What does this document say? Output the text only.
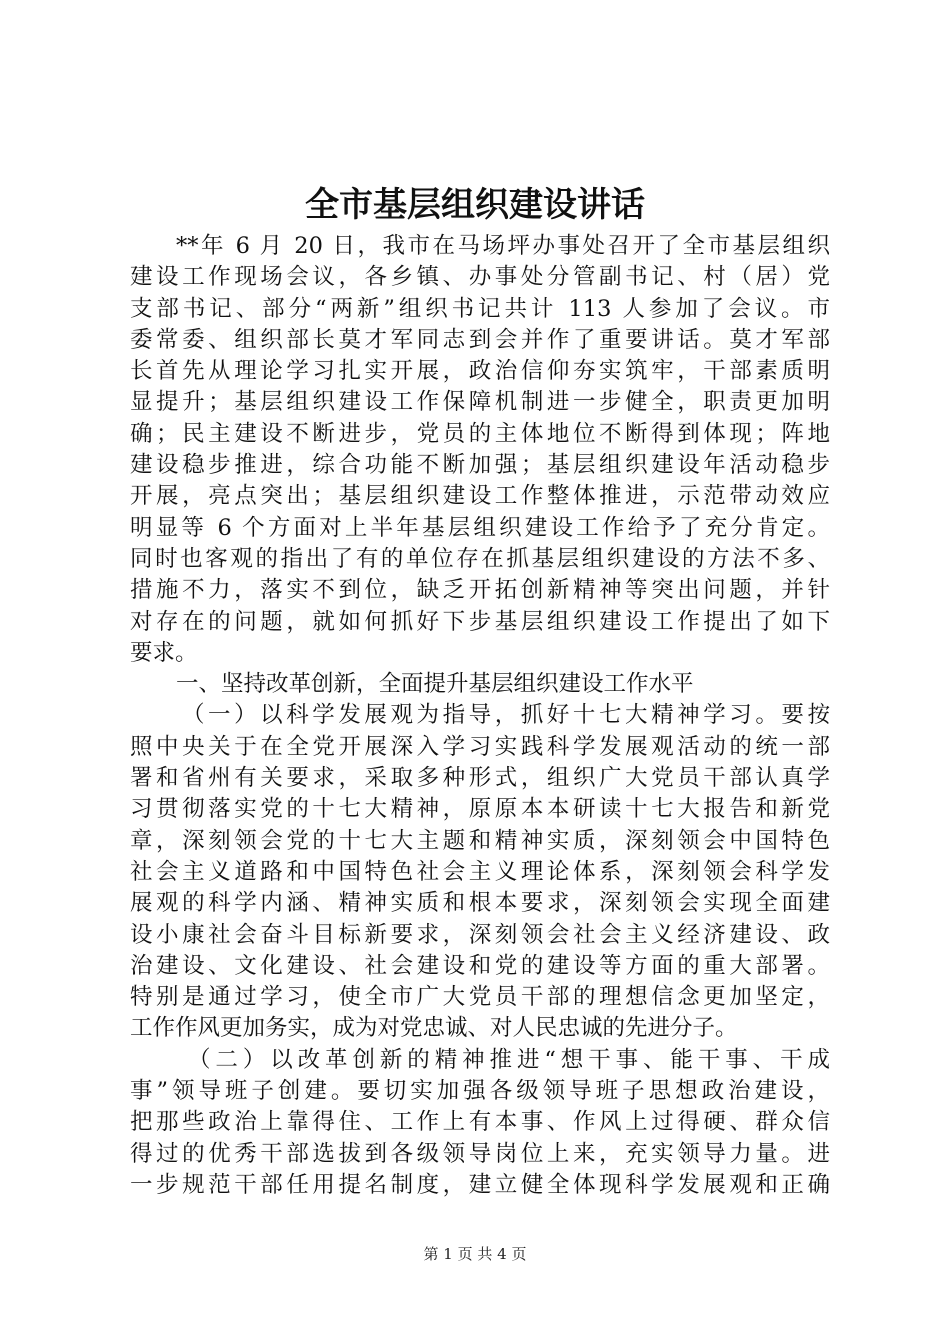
全市基层组织建设讲话
**年 6 月 20 日，我市在马场坪办事处召开了全市基层组织
建设工作现场会议，各乡镇、办事处分管副书记、村（居）党
支部书记、部分“两新”组织书记共计 113 人参加了会议。市
委常委、组织部长莫才军同志到会并作了重要讲话。莫才军部
长首先从理论学习扎实开展，政治信仰夯实筑牢，干部素质明
显提升；基层组织建设工作保障机制进一步健全，职责更加明
确；民主建设不断进步，党员的主体地位不断得到体现；阵地
建设稳步推进，综合功能不断加强；基层组织建设年活动稳步
开展，亮点突出；基层组织建设工作整体推进，示范带动效应
明显等 6 个方面对上半年基层组织建设工作给予了充分肯定。
同时也客观的指出了有的单位存在抓基层组织建设的方法不多、
措施不力，落实不到位，缺乏开拓创新精神等突出问题，并针
对存在的问题，就如何抓好下步基层组织建设工作提出了如下
要求。
一、坚持改革创新，全面提升基层组织建设工作水平
（一）以科学发展观为指导，抓好十七大精神学习。要按
照中央关于在全党开展深入学习实践科学发展观活动的统一部
署和省州有关要求，采取多种形式，组织广大党员干部认真学
习贯彻落实党的十七大精神，原原本本研读十七大报告和新党
章，深刻领会党的十七大主题和精神实质，深刻领会中国特色
社会主义道路和中国特色社会主义理论体系，深刻领会科学发
展观的科学内涵、精神实质和根本要求，深刻领会实现全面建
设小康社会奋斗目标新要求，深刻领会社会主义经济建设、政
治建设、文化建设、社会建设和党的建设等方面的重大部署。
特别是通过学习，使全市广大党员干部的理想信念更加坚定，
工作作风更加务实，成为对党忠诚、对人民忠诚的先进分子。
（二）以改革创新的精神推进“想干事、能干事、干成
事”领导班子创建。要切实加强各级领导班子思想政治建设，
把那些政治上靠得住、工作上有本事、作风上过得硬、群众信
得过的优秀干部选拔到各级领导岗位上来，充实领导力量。进
一步规范干部任用提名制度，建立健全体现科学发展观和正确
第 1 页 共 4 页
